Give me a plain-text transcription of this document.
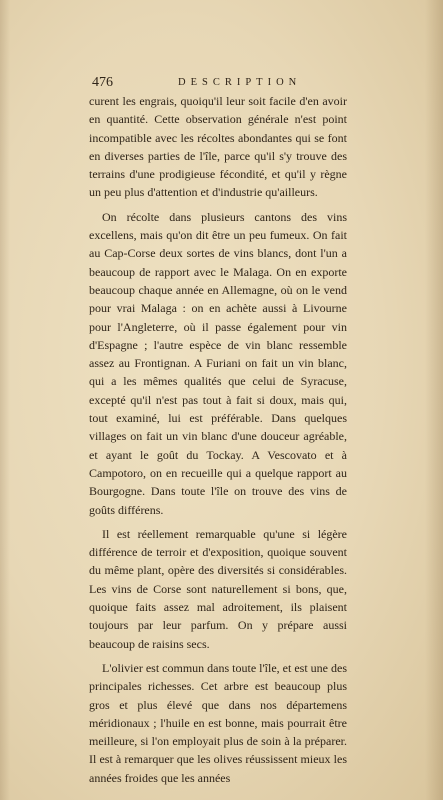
476	DESCRIPTION

curent les engrais, quoiqu'il leur soit facile d'en avoir en quantité. Cette observation générale n'est point incompatible avec les récoltes abondantes qui se font en diverses parties de l'île, parce qu'il s'y trouve des terrains d'une prodigieuse fécondité, et qu'il y règne un peu plus d'attention et d'industrie qu'ailleurs.

On récolte dans plusieurs cantons des vins excellens, mais qu'on dit être un peu fumeux. On fait au Cap-Corse deux sortes de vins blancs, dont l'un a beaucoup de rapport avec le Malaga. On en exporte beaucoup chaque année en Allemagne, où on le vend pour vrai Malaga : on en achète aussi à Livourne pour l'Angleterre, où il passe également pour vin d'Espagne ; l'autre espèce de vin blanc ressemble assez au Frontignan. A Furiani on fait un vin blanc, qui a les mêmes qualités que celui de Syracuse, excepté qu'il n'est pas tout à fait si doux, mais qui, tout examiné, lui est préférable. Dans quelques villages on fait un vin blanc d'une douceur agréable, et ayant le goût du Tockay. A Vescovato et à Campotoro, on en recueille qui a quelque rapport au Bourgogne. Dans toute l'île on trouve des vins de goûts différens.

Il est réellement remarquable qu'une si légère différence de terroir et d'exposition, quoique souvent du même plant, opère des diversités si considérables. Les vins de Corse sont naturellement si bons, que, quoique faits assez mal adroitement, ils plaisent toujours par leur parfum. On y prépare aussi beaucoup de raisins secs.

L'olivier est commun dans toute l'île, et est une des principales richesses. Cet arbre est beaucoup plus gros et plus élevé que dans nos départemens méridionaux ; l'huile en est bonne, mais pourrait être meilleure, si l'on employait plus de soin à la préparer. Il est à remarquer que les olives réussissent mieux les années froides que les années
